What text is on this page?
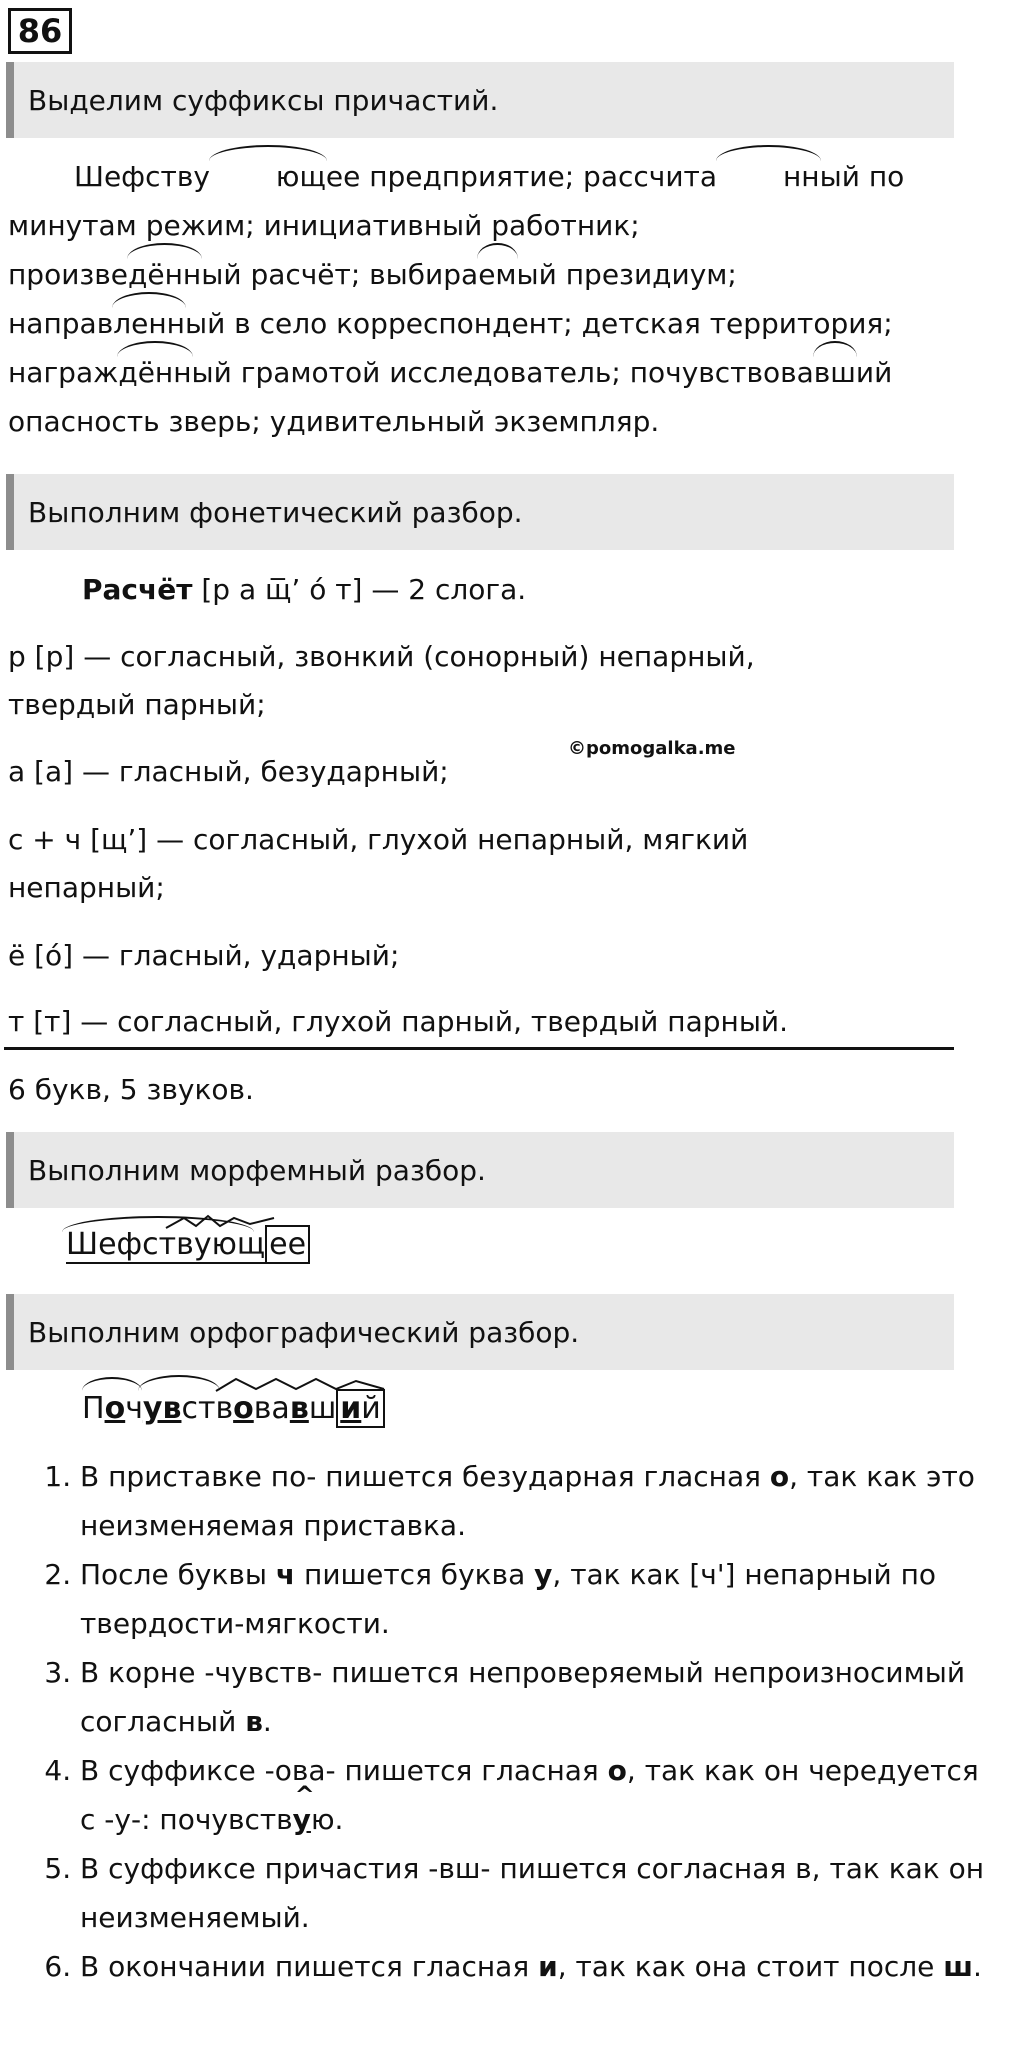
86
Выделим суффиксы причастий.

Шефству ющее предприятие; рассчита нный по

минутам режим; инициативный работник;

произведённый расчёт; выбираемый президиум;

направленный в село корреспондент; детская территория;

награждённый грамотой исследователь; почувствовавший

опасность зверь; удивительный экземпляр.

Выполним фонетический разбор.
Расчёт [р а щ̅’ о́ т] — 2 слога.
р [р] — согласный, звонкий (сонорный) непарный,
твердый парный;
а [а] — гласный, безударный;
©pomogalka.me
с + ч [щ’] — согласный, глухой непарный, мягкий
непарный;
ё [о́] — гласный, ударный;
т [т] — согласный, глухой парный, твердый парный.
6 букв, 5 звуков.
Выполним морфемный разбор.
Шефствующ ее
Выполним орфографический разбор.
Почувствовавш ий
1. В приставке по- пишется безударная гласная о, так как это неизменяемая приставка.
2. После буквы ч пишется буква у, так как [ч'] непарный по твердости-мягкости.
3. В корне -чувств- пишется непроверяемый непроизносимый согласный в.
4. В суффиксе -ова- пишется гласная о, так как он чередуется с -у-: почувств^ ую.
5. В суффиксе причастия -вш- пишется согласная в, так как он неизменяемый.
6. В окончании пишется гласная и, так как она стоит после ш.
